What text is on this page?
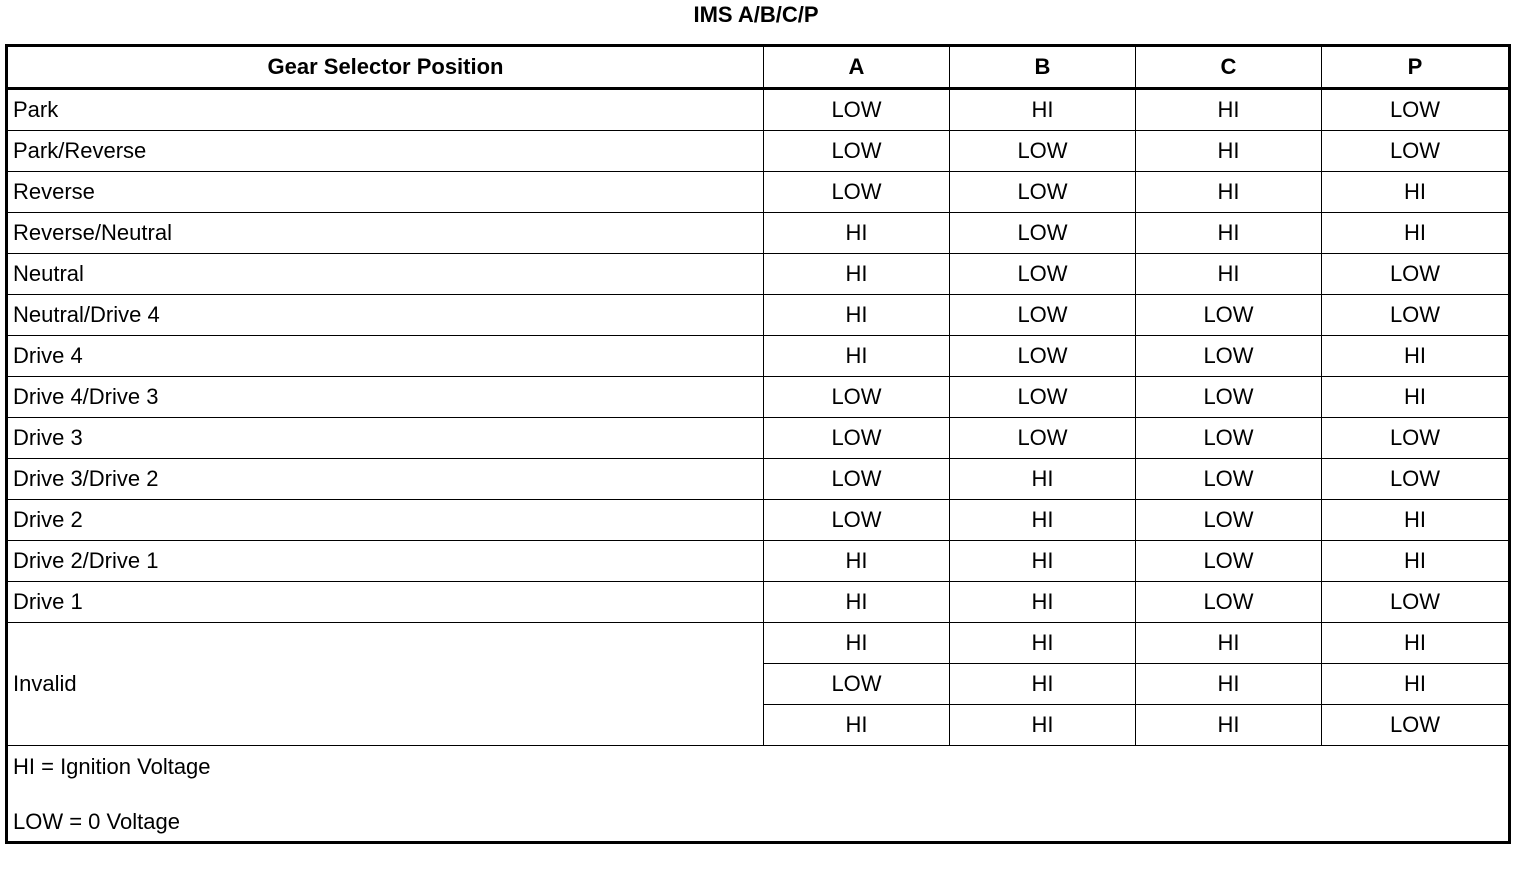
IMS A/B/C/P
Gear Selector Position	A	B	C	P
Park	LOW	HI	HI	LOW
Park/Reverse	LOW	LOW	HI	LOW
Reverse	LOW	LOW	HI	HI
Reverse/Neutral	HI	LOW	HI	HI
Neutral	HI	LOW	HI	LOW
Neutral/Drive 4	HI	LOW	LOW	LOW
Drive 4	HI	LOW	LOW	HI
Drive 4/Drive 3	LOW	LOW	LOW	HI
Drive 3	LOW	LOW	LOW	LOW
Drive 3/Drive 2	LOW	HI	LOW	LOW
Drive 2	LOW	HI	LOW	HI
Drive 2/Drive 1	HI	HI	LOW	HI
Drive 1	HI	HI	LOW	LOW
Invalid	HI	HI	HI	HI
	LOW	HI	HI	HI
	HI	HI	HI	LOW

HI = Ignition Voltage
LOW = 0 Voltage				
